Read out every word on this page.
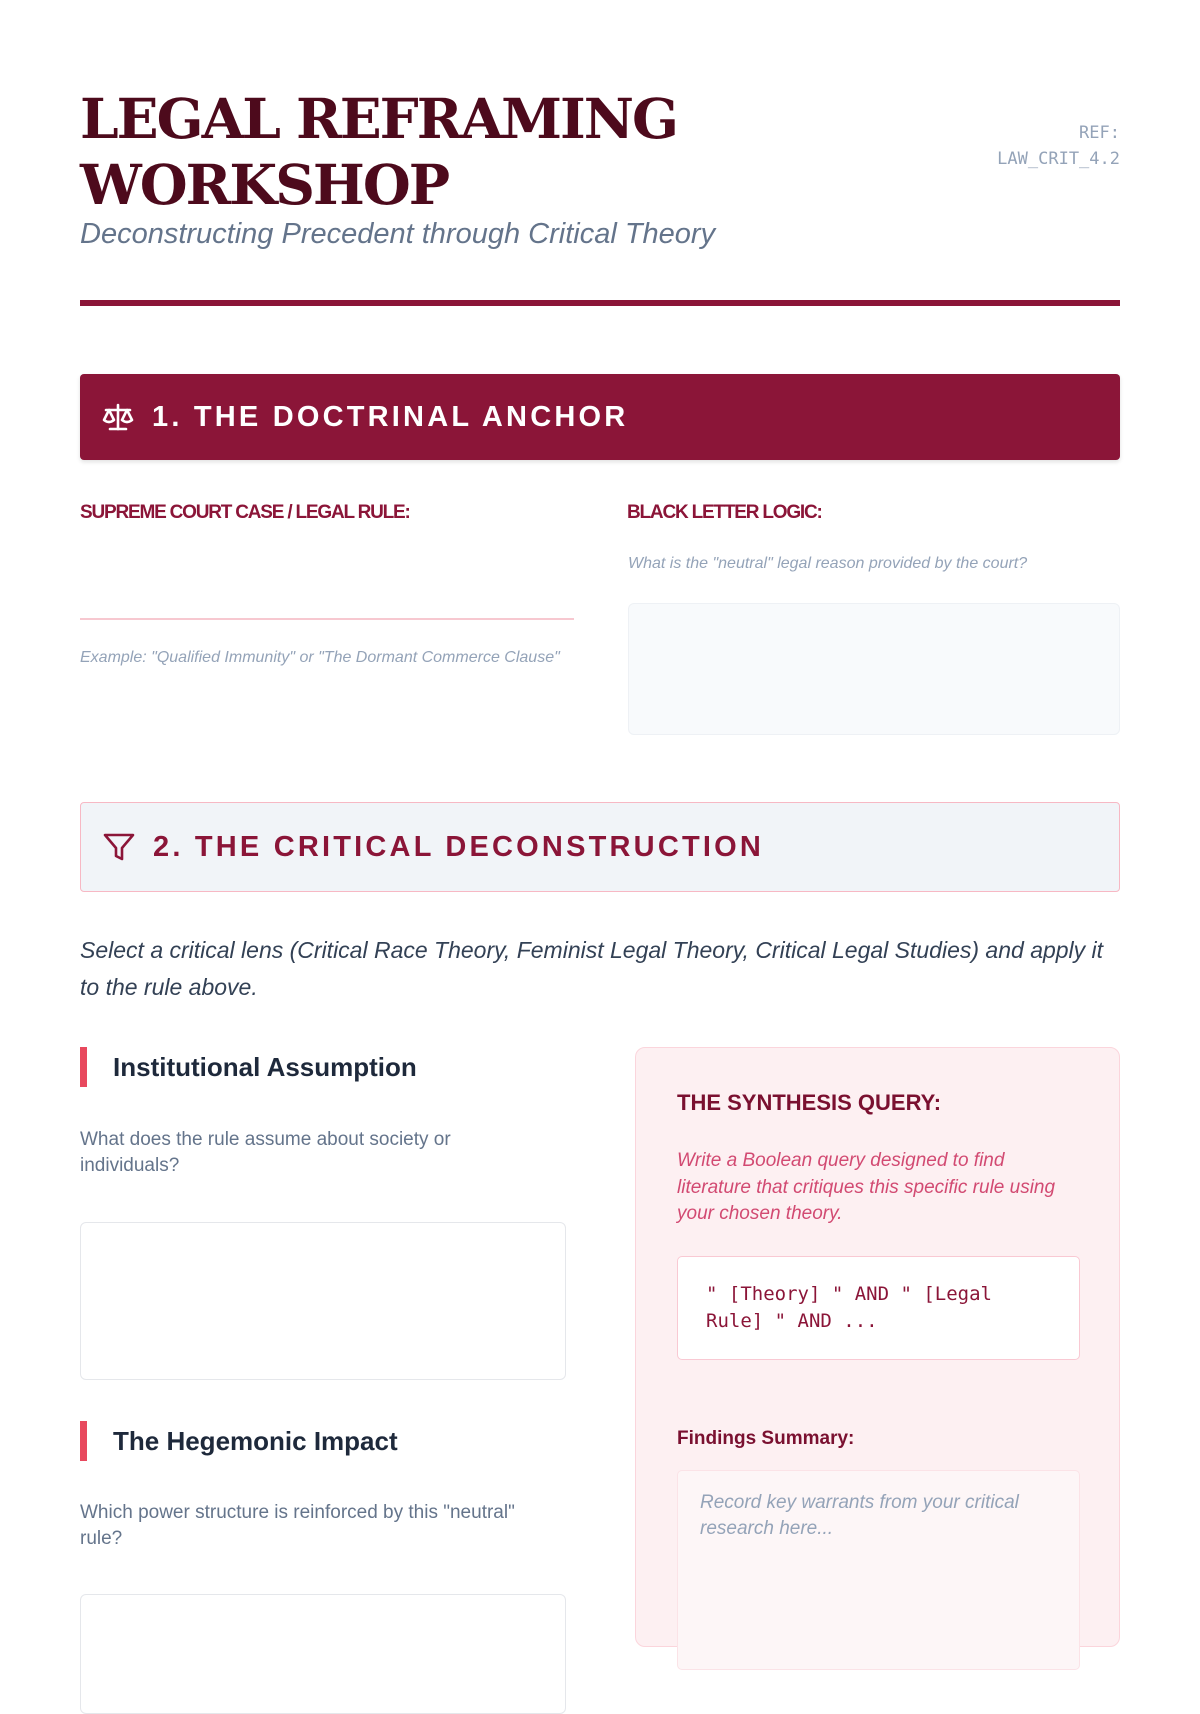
LEGAL REFRAMING WORKSHOP

Deconstructing Precedent through Critical Theory

REF:
LAW_CRIT_4.2
1. THE DOCTRINAL ANCHOR
SUPREME COURT CASE / LEGAL RULE:
Example: "Qualified Immunity" or "The Dormant Commerce Clause"
BLACK LETTER LOGIC:
What is the "neutral" legal reason provided by the court?
2. THE CRITICAL DECONSTRUCTION

Select a critical lens (Critical Race Theory, Feminist Legal Theory, Critical Legal Studies) and apply it to the rule above.

Institutional Assumption
What does the rule assume about society or individuals?
The Hegemonic Impact
Which power structure is reinforced by this "neutral" rule?
THE SYNTHESIS QUERY:
Write a Boolean query designed to find literature that critiques this specific rule using your chosen theory.
" [Theory] " AND " [Legal Rule] " AND ...
Findings Summary:
Record key warrants from your critical research here...
